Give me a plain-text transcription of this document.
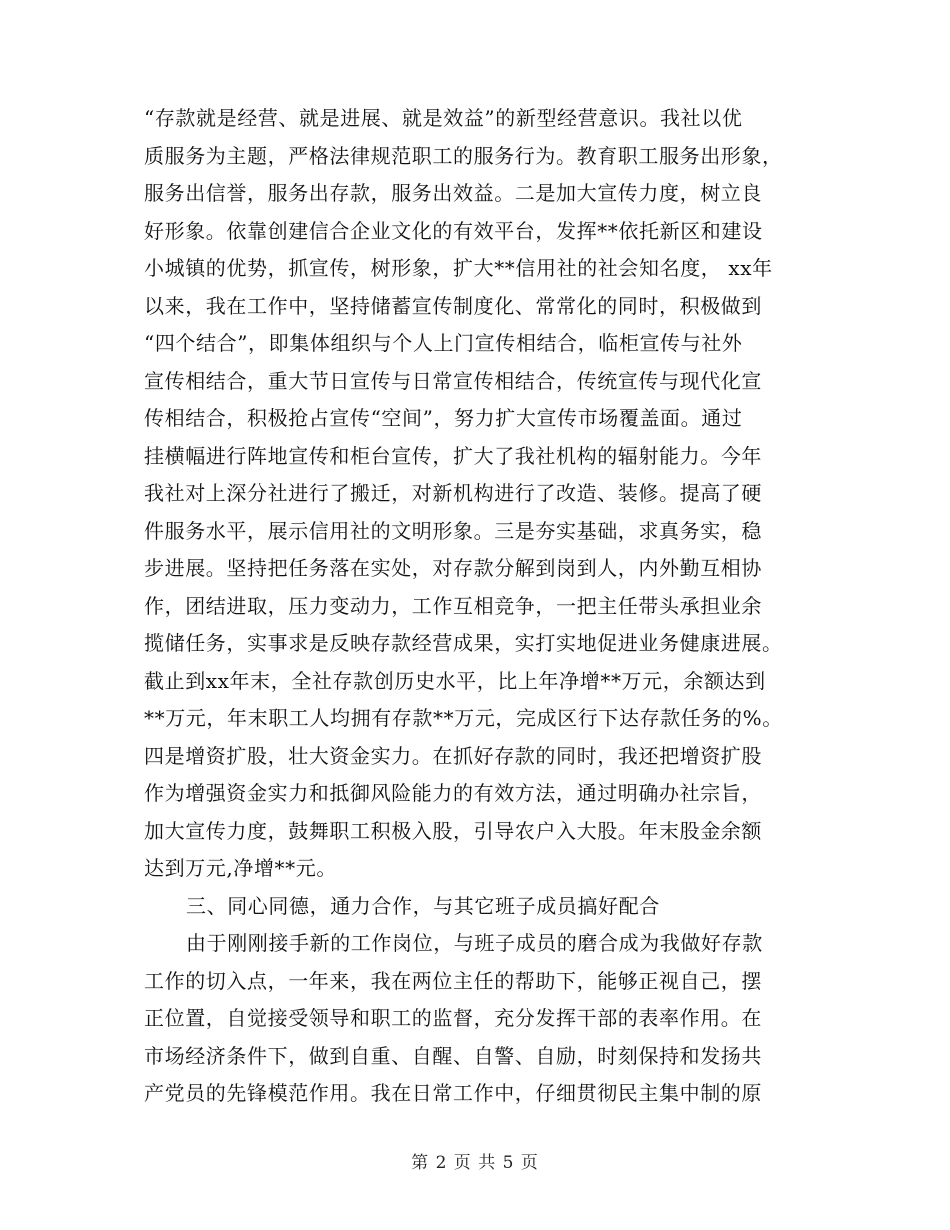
“存款就是经营、就是进展、就是效益”的新型经营意识。我社以优
质服务为主题，严格法律规范职工的服务行为。教育职工服务出形象，
服务出信誉，服务出存款，服务出效益。二是加大宣传力度，树立良
好形象。依靠创建信合企业文化的有效平台，发挥**依托新区和建设
小城镇的优势，抓宣传，树形象，扩大**信用社的社会知名度， xx年
以来，我在工作中，坚持储蓄宣传制度化、常常化的同时，积极做到
“四个结合”，即集体组织与个人上门宣传相结合，临柜宣传与社外
宣传相结合，重大节日宣传与日常宣传相结合，传统宣传与现代化宣
传相结合，积极抢占宣传“空间”，努力扩大宣传市场覆盖面。通过
挂横幅进行阵地宣传和柜台宣传，扩大了我社机构的辐射能力。今年
我社对上深分社进行了搬迁，对新机构进行了改造、装修。提高了硬
件服务水平，展示信用社的文明形象。三是夯实基础，求真务实，稳
步进展。坚持把任务落在实处，对存款分解到岗到人，内外勤互相协
作，团结进取，压力变动力，工作互相竞争，一把主任带头承担业余
揽储任务，实事求是反映存款经营成果，实打实地促进业务健康进展。
截止到xx年末，全社存款创历史水平，比上年净增**万元，余额达到
**万元，年末职工人均拥有存款**万元，完成区行下达存款任务的%。
四是增资扩股，壮大资金实力。在抓好存款的同时，我还把增资扩股
作为增强资金实力和抵御风险能力的有效方法，通过明确办社宗旨，
加大宣传力度，鼓舞职工积极入股，引导农户入大股。年末股金余额
达到万元,净增**元。
三、同心同德，通力合作，与其它班子成员搞好配合
由于刚刚接手新的工作岗位，与班子成员的磨合成为我做好存款
工作的切入点，一年来，我在两位主任的帮助下，能够正视自己，摆
正位置，自觉接受领导和职工的监督，充分发挥干部的表率作用。在
市场经济条件下，做到自重、自醒、自警、自励，时刻保持和发扬共
产党员的先锋模范作用。我在日常工作中，仔细贯彻民主集中制的原
第 2 页 共 5 页
